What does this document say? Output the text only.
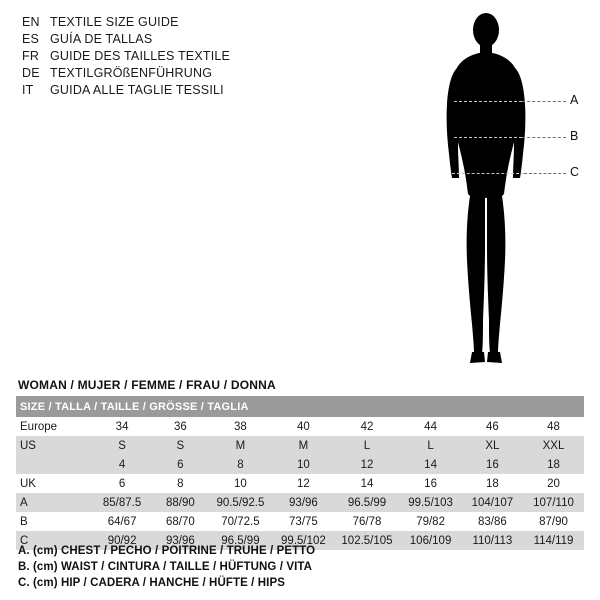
EN TEXTILE SIZE GUIDE
ES GUÍA DE TALLAS
FR GUIDE DES TAILLES TEXTILE
DE TEXTILGRÖßENFÜHRUNG
IT	GUIDA ALLE TAGLIE TESSILI
A
B
C
WOMAN / MUJER / FEMME / FRAU / DONNA
SIZE / TALLA / TAILLE / GRÖSSE / TAGLIA								
Europe	34	36	38	40	42	44	46	48
US	S	S	M	M	L	L	XL	XXL
	4	6	8	10	12	14	16	18
UK	6	8	10	12	14	16	18	20
A	85/87.5	88/90	90.5/92.5	93/96	96.5/99	99.5/103	104/107	107/110
B	64/67	68/70	70/72.5	73/75	76/78	79/82	83/86	87/90
C	90/92	93/96	96.5/99	99.5/102	102.5/105	106/109	110/113	114/119
A. (cm) CHEST / PECHO / POITRINE / TRUHE / PETTO
B. (cm) WAIST / CINTURA / TAILLE / HÜFTUNG / VITA
C. (cm) HIP / CADERA / HANCHE / HÜFTE / HIPS
